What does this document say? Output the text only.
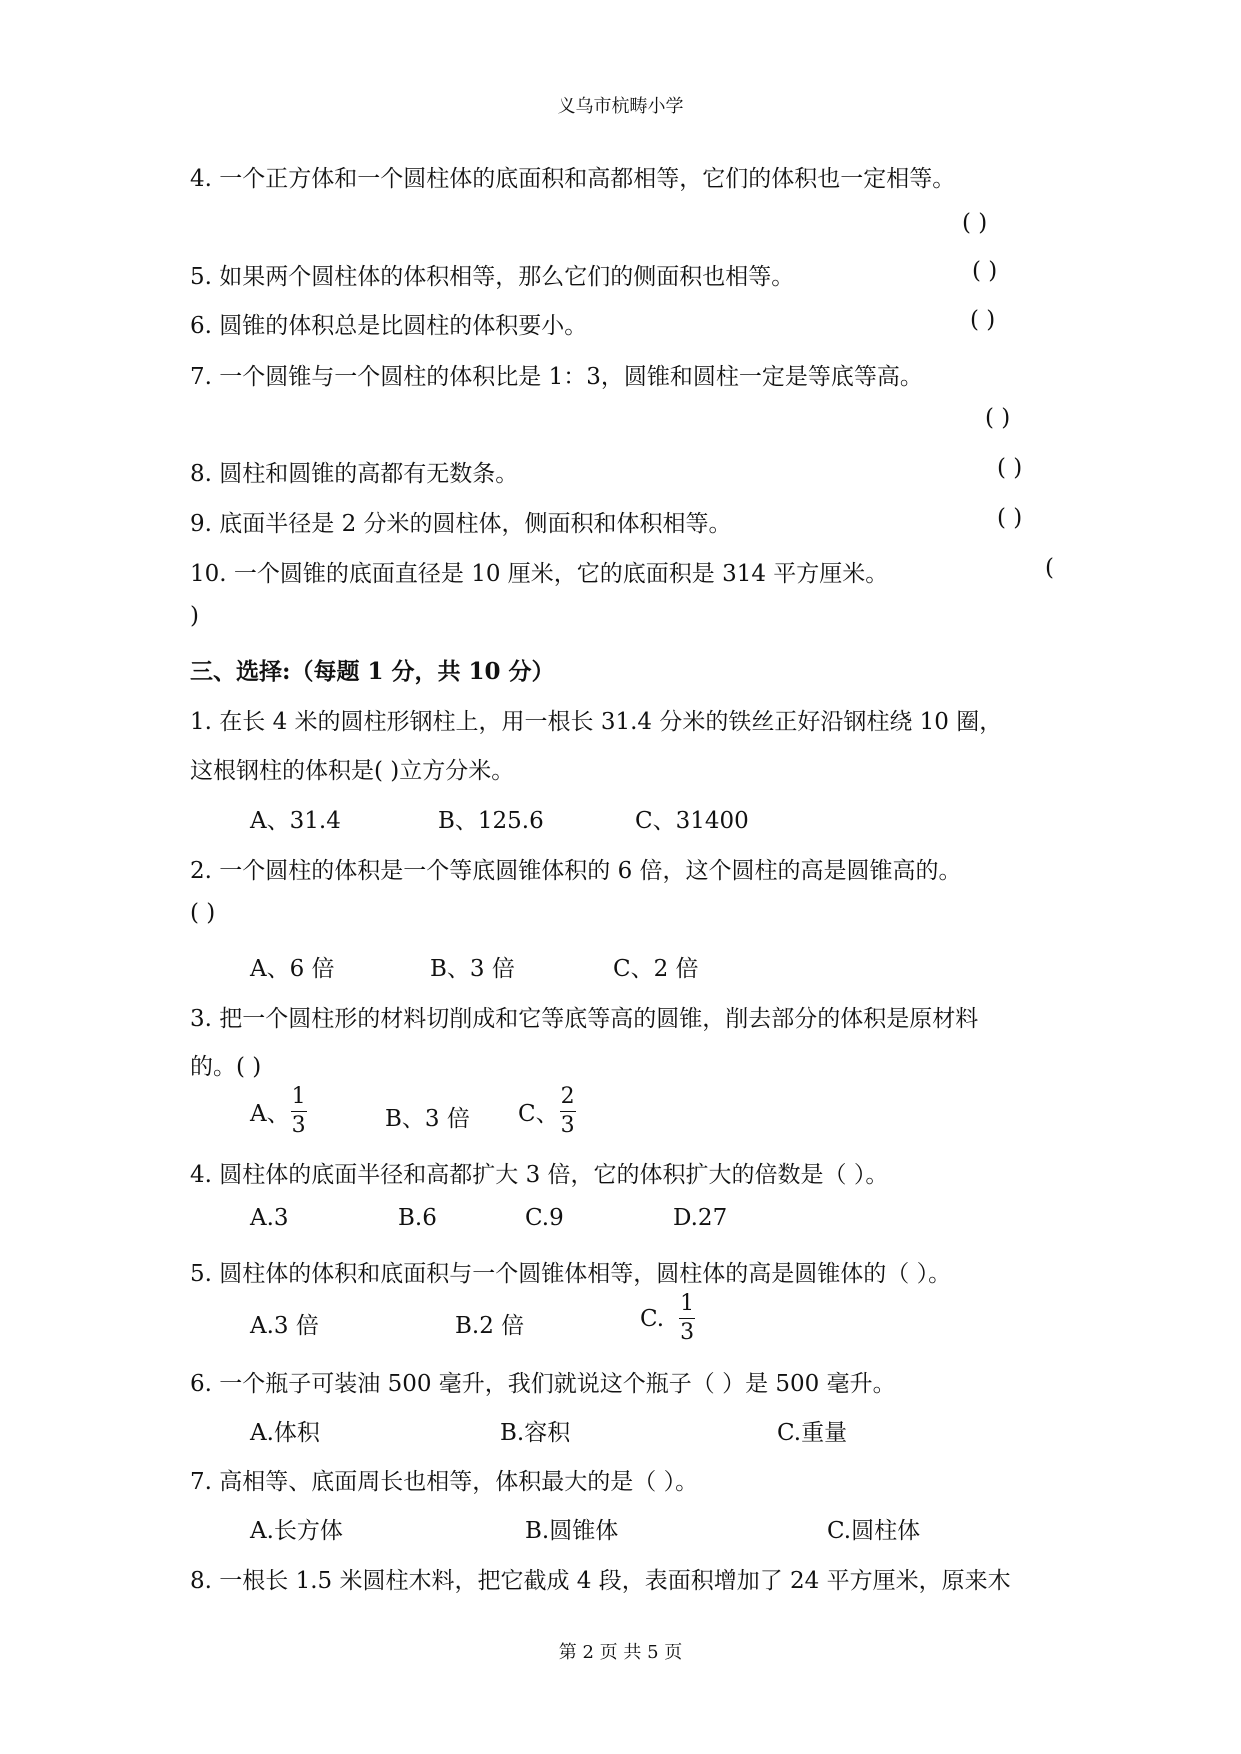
义乌市杭畴小学
4. 一个正方体和一个圆柱体的底面积和高都相等，它们的体积也一定相等。
( )
5. 如果两个圆柱体的体积相等，那么它们的侧面积也相等。	( )
6. 圆锥的体积总是比圆柱的体积要小。	( )
7. 一个圆锥与一个圆柱的体积比是 1：3，圆锥和圆柱一定是等底等高。
( )
8. 圆柱和圆锥的高都有无数条。	( )
9. 底面半径是 2 分米的圆柱体，侧面积和体积相等。	( )
10. 一个圆锥的底面直径是 10 厘米，它的底面积是 314 平方厘米。	(
)
三、选择:（每题 1 分，共 10 分）
1. 在长 4 米的圆柱形钢柱上，用一根长 31.4 分米的铁丝正好沿钢柱绕 10 圈，
这根钢柱的体积是( )立方分米。
A、31.4	B、125.6	C、31400
2. 一个圆柱的体积是一个等底圆锥体积的 6 倍，这个圆柱的高是圆锥高的。
( )
A、6 倍	B、3 倍	C、2 倍
3. 把一个圆柱形的材料切削成和它等底等高的圆锥，削去部分的体积是原材料
的。( )
A、 $\frac{1}{3}$	B、3 倍 C、 $\frac{2}{3}$
4. 圆柱体的底面半径和高都扩大 3 倍，它的体积扩大的倍数是（ ）。
A.3	B.6	C.9	D.27
5. 圆柱体的体积和底面积与一个圆锥体相等，圆柱体的高是圆锥体的（ ）。
A.3 倍	B.2 倍	C. $\frac{1}{3}$
6. 一个瓶子可装油 500 毫升，我们就说这个瓶子（ ）是 500 毫升。
A.体积	B.容积	C.重量
7. 高相等、底面周长也相等，体积最大的是（ ）。
A.长方体	B.圆锥体	C.圆柱体
8. 一根长 1.5 米圆柱木料，把它截成 4 段，表面积增加了 24 平方厘米，原来木
第 2 页 共 5 页
